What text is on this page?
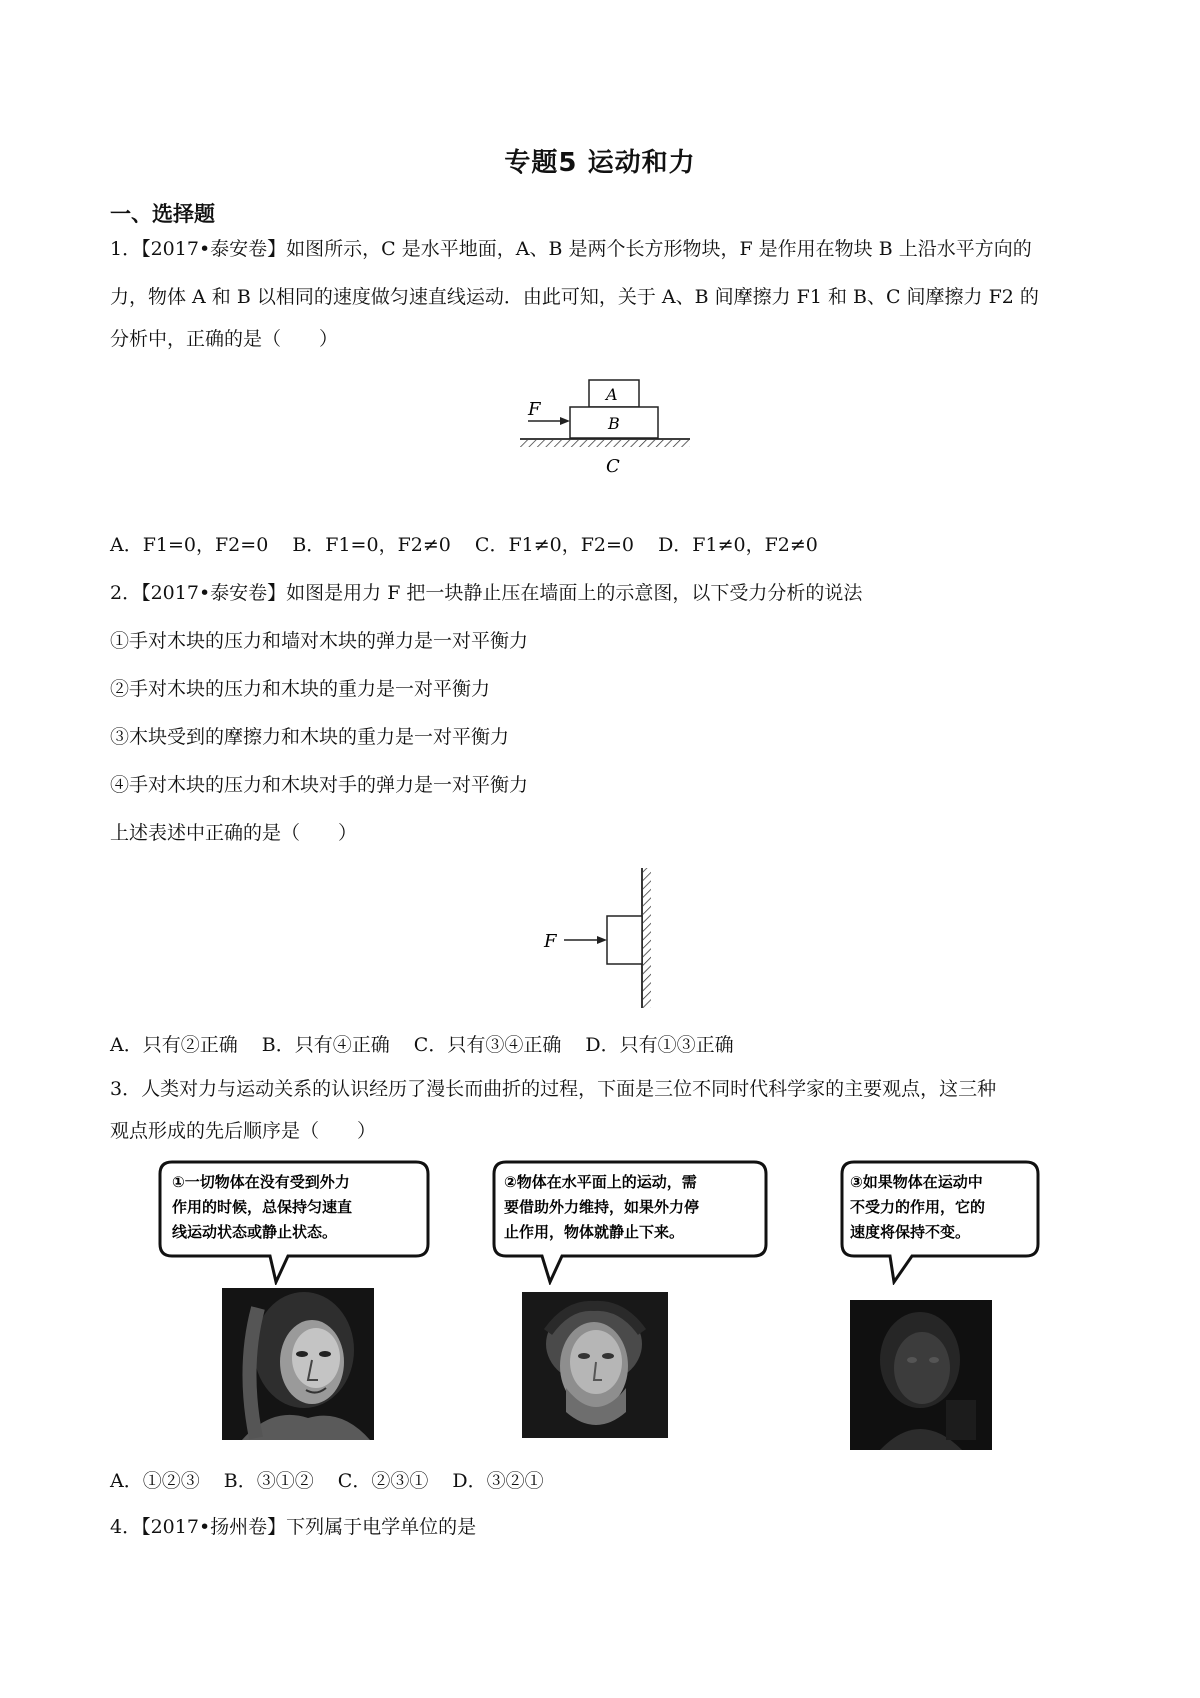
专题5 运动和力
一、选择题
1．【2017•泰安卷】如图所示，C 是水平地面，A、B 是两个长方形物块，F 是作用在物块 B 上沿水平方向的
力，物体 A 和 B 以相同的速度做匀速直线运动．由此可知，关于 A、B 间摩擦力 F1 和 B、C 间摩擦力 F2 的
分析中，正确的是（　　）
A
B
C
F
A．F1=0，F2=0 B．F1=0，F2≠0 C．F1≠0，F2=0 D．F1≠0，F2≠0
2．【2017•泰安卷】如图是用力 F 把一块静止压在墙面上的示意图，以下受力分析的说法
①手对木块的压力和墙对木块的弹力是一对平衡力
②手对木块的压力和木块的重力是一对平衡力
③木块受到的摩擦力和木块的重力是一对平衡力
④手对木块的压力和木块对手的弹力是一对平衡力
上述表述中正确的是（　　）
F
A．只有②正确 B．只有④正确 C．只有③④正确 D．只有①③正确
3．人类对力与运动关系的认识经历了漫长而曲折的过程，下面是三位不同时代科学家的主要观点，这三种
观点形成的先后顺序是（　　）
①一切物体在没有受到外力
作用的时候，总保持匀速直
线运动状态或静止状态。
②物体在水平面上的运动，需
要借助外力维持，如果外力停
止作用，物体就静止下来。
③如果物体在运动中
不受力的作用，它的
速度将保持不变。
A．①②③ B．③①② C．②③① D．③②①
4．【2017•扬州卷】下列属于电学单位的是
